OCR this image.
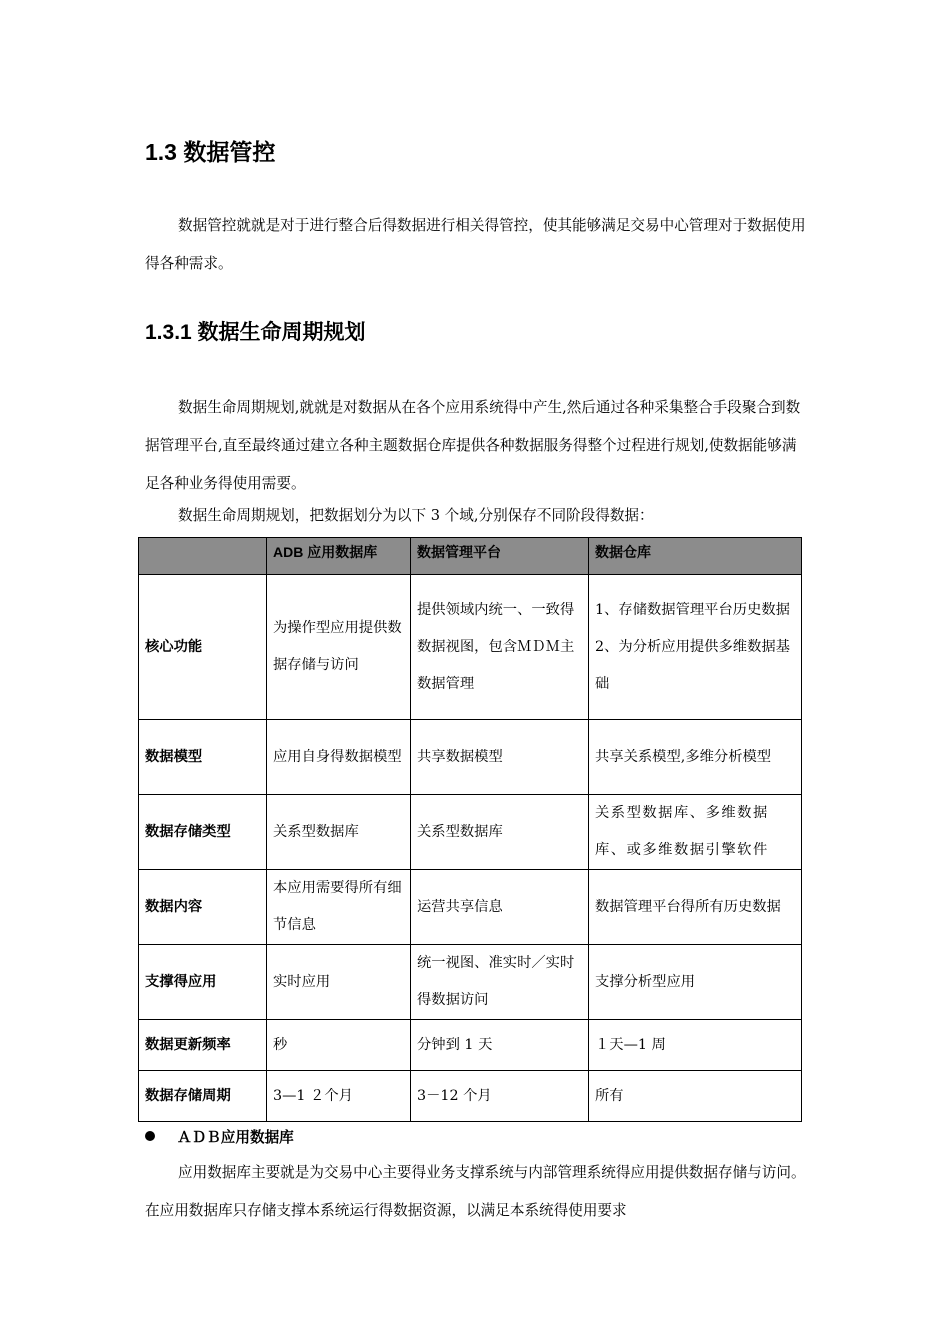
1.3 数据管控

数据管控就就是对于进行整合后得数据进行相关得管控，使其能够满足交易中心管理对于数据使用得各种需求。

1.3.1 数据生命周期规划

数据生命周期规划,就就是对数据从在各个应用系统得中产生,然后通过各种采集整合手段聚合到数据管理平台,直至最终通过建立各种主题数据仓库提供各种数据服务得整个过程进行规划,使数据能够满足各种业务得使用需要。

数据生命周期规划，把数据划分为以下 3 个域,分别保存不同阶段得数据：

	ADB 应用数据库	数据管理平台	数据仓库
核心功能	为操作型应用提供数据存储与访问	提供领域内统一、一致得数据视图，包含ＭＤＭ主数据管理	1、存储数据管理平台历史数据
2、为分析应用提供多维数据基础
数据模型	应用自身得数据模型	共享数据模型	共享关系模型,多维分析模型
数据存储类型	关系型数据库	关系型数据库	关系型数据库、多维数据库、或多维数据引擎软件
数据内容	本应用需要得所有细节信息	运营共享信息	数据管理平台得所有历史数据
支撑得应用	实时应用	统一视图、准实时／实时得数据访问	支撑分析型应用
数据更新频率	秒	分钟到 1 天	１天—1 周
数据存储周期	3—1 ２个月	3－12 个月	所有
ＡＤＢ应用数据库

应用数据库主要就是为交易中心主要得业务支撑系统与内部管理系统得应用提供数据存储与访问。在应用数据库只存储支撑本系统运行得数据资源，以满足本系统得使用要求
